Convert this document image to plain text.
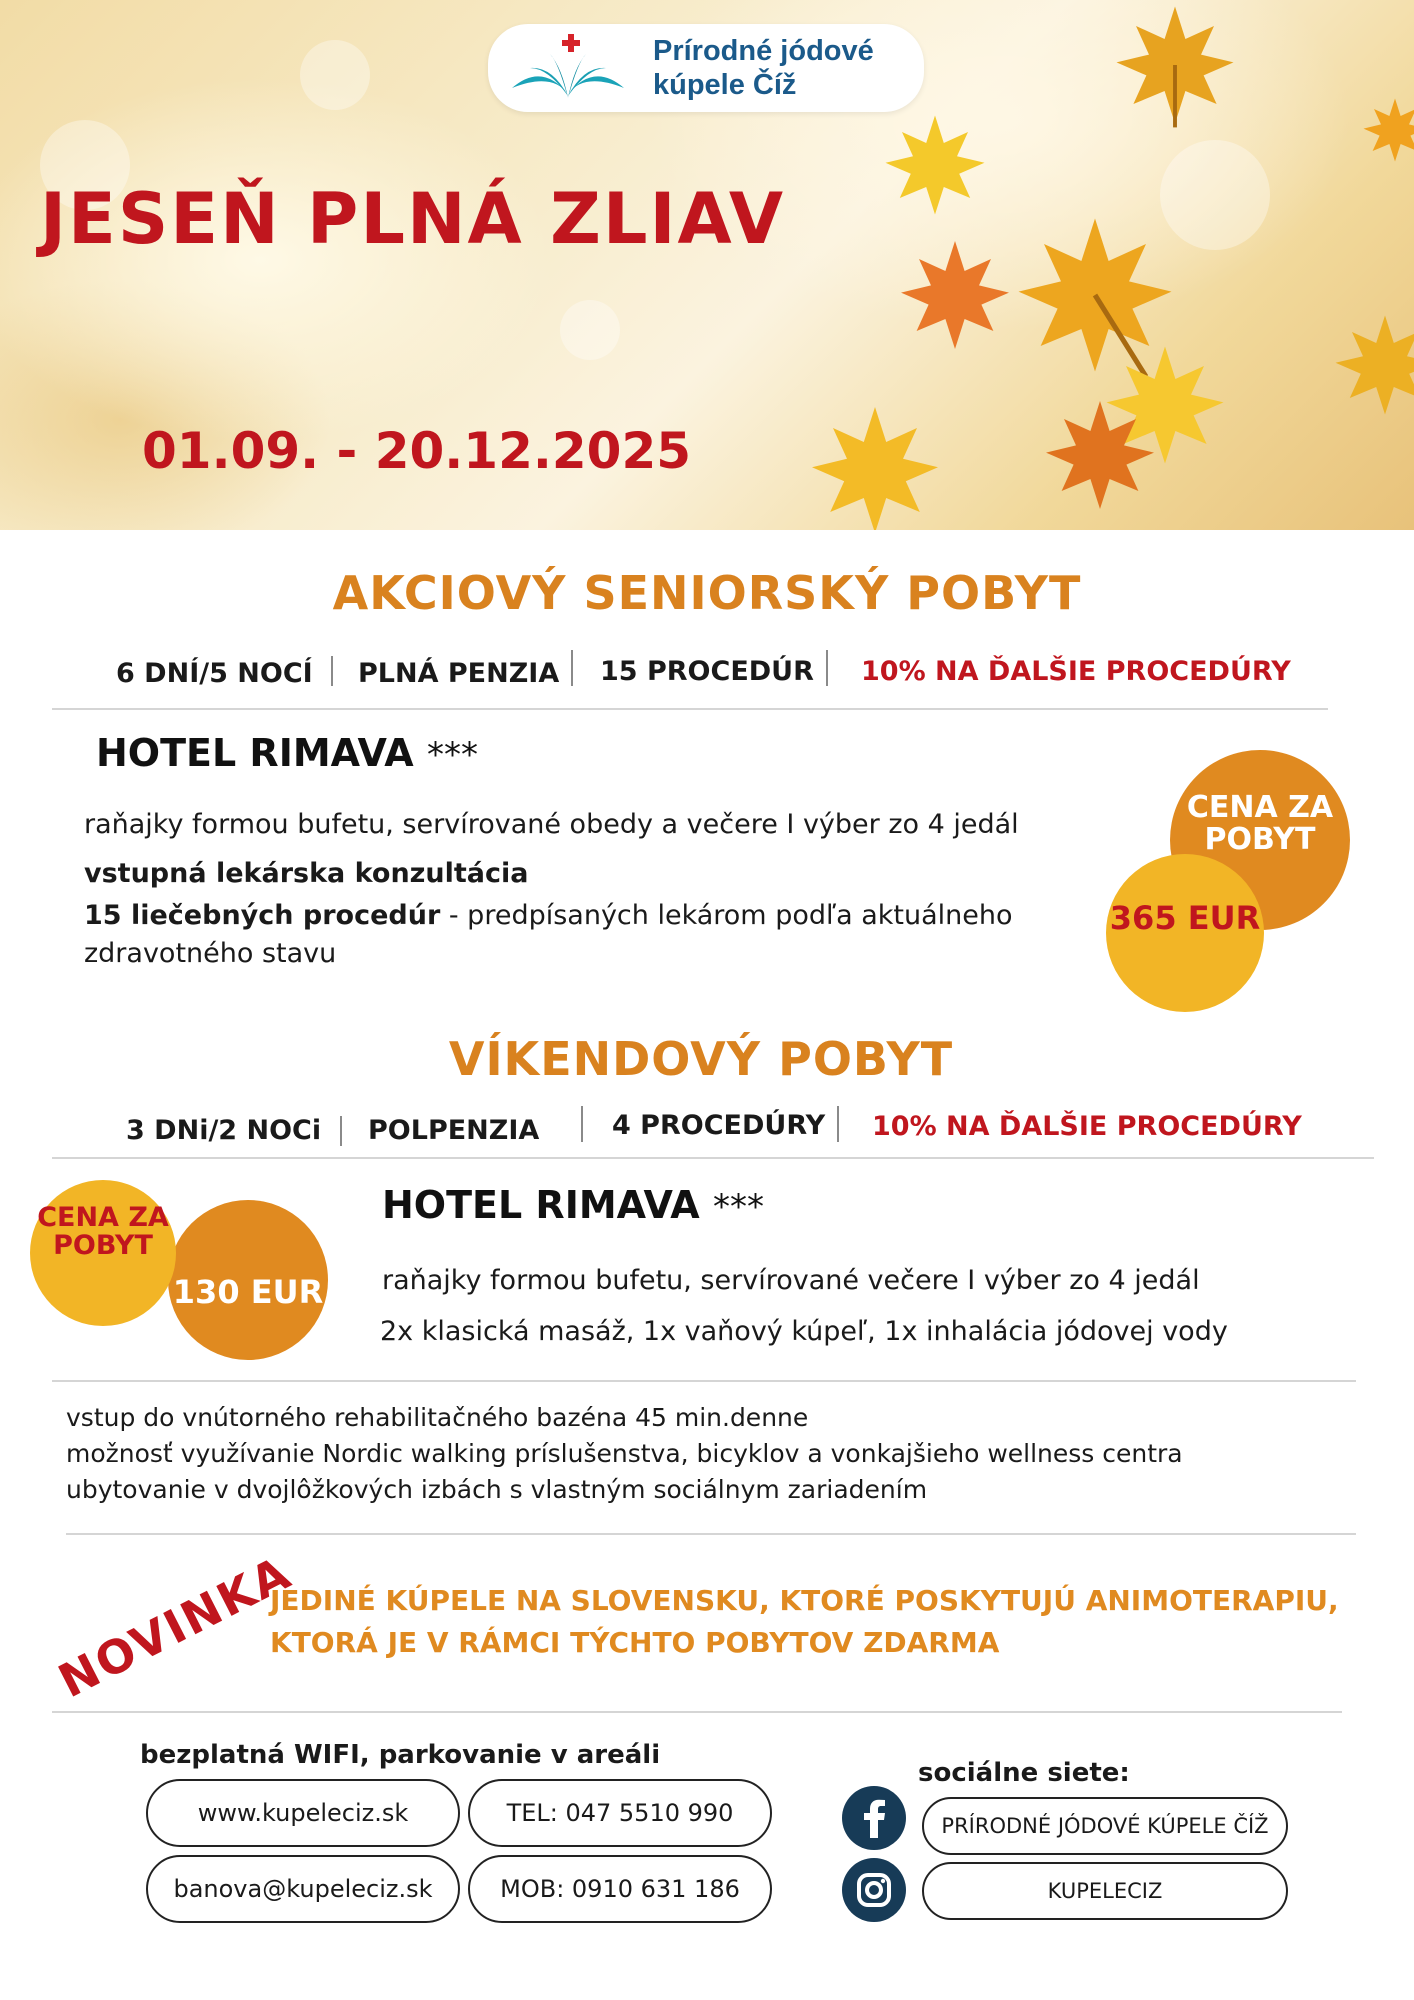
Prírodné jódové
kúpele Číž
JESEŇ PLNÁ ZLIAV
01.09. - 20.12.2025
AKCIOVÝ SENIORSKÝ POBYT
6 DNÍ/5 NOCÍ PLNÁ PENZIA 15 PROCEDÚR 10% NA ĎALŠIE PROCEDÚRY
HOTEL RIMAVA ***
raňajky formou bufetu, servírované obedy a večere I výber zo 4 jedál
vstupná lekárska konzultácia
15 liečebných procedúr - predpísaných lekárom podľa aktuálneho
zdravotného stavu
CENA ZA POBYT
365 EUR
VÍKENDOVÝ POBYT
3 DNi/2 NOCi POLPENZIA	4 PROCEDÚRY 10% NA ĎALŠIE PROCEDÚRY
130 EUR
CENA ZA POBYT
HOTEL RIMAVA ***
raňajky formou bufetu, servírované večere I výber zo 4 jedál
2x klasická masáž, 1x vaňový kúpeľ, 1x inhalácia jódovej vody
vstup do vnútorného rehabilitačného bazéna 45 min.denne
možnosť využívanie Nordic walking príslušenstva, bicyklov a vonkajšieho wellness centra
ubytovanie v dvojlôžkových izbách s vlastným sociálnym zariadením
NOVINKA
JEDINÉ KÚPELE NA SLOVENSKU, KTORÉ POSKYTUJÚ ANIMOTERAPIU,
KTORÁ JE V RÁMCI TÝCHTO POBYTOV ZDARMA
bezplatná WIFI, parkovanie v areáli
www.kupeleciz.sk	TEL: 047 5510 990
banova@kupeleciz.sk	MOB: 0910 631 186
sociálne siete:
PRÍRODNÉ JÓDOVÉ KÚPELE ČÍŽ
KUPELECIZ
